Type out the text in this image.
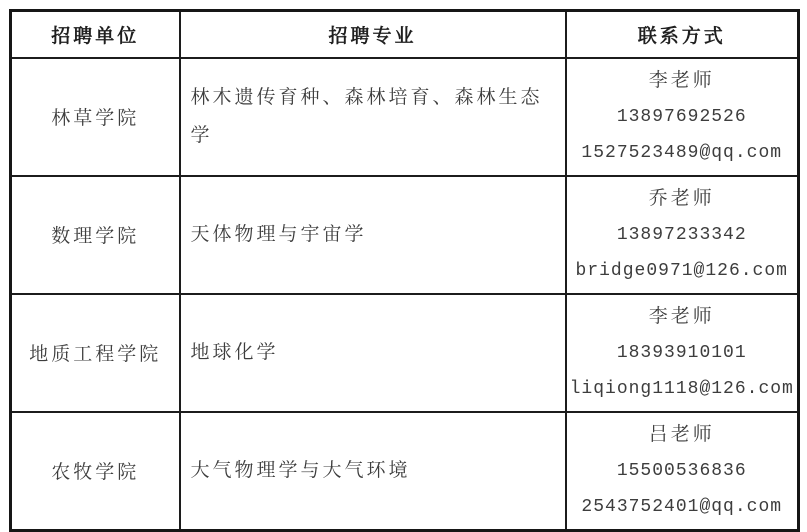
招聘单位	招聘专业	联系方式
林草学院	林木遗传育种、森林培育、森林生态学	李老师
13897692526
1527523489@qq.com

数理学院	天体物理与宇宙学	乔老师
13897233342
bridge0971@126.com

地质工程学院	地球化学	李老师
18393910101
liqiong1118@126.com

农牧学院	大气物理学与大气环境	吕老师
15500536836
2543752401@qq.com
